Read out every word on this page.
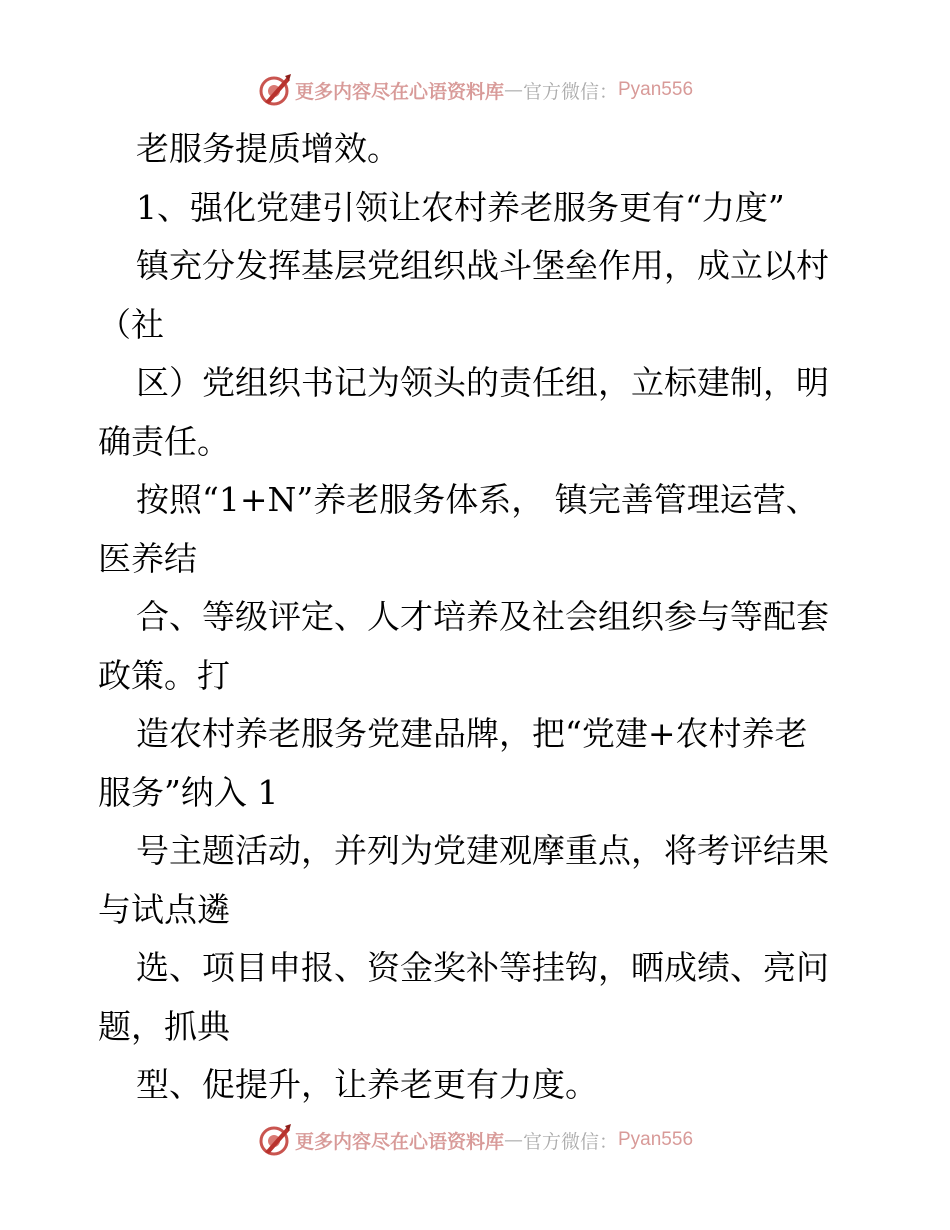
更多内容尽在心语资料库 — 官方微信： Pyan556
老服务提质增效。
1、强化党建引领让农村养老服务更有“力度”
镇充分发挥基层党组织战斗堡垒作用，成立以村
（社
区）党组织书记为领头的责任组，立标建制，明
确责任。
按照“1+N”养老服务体系， 镇完善管理运营、
医养结
合、等级评定、人才培养及社会组织参与等配套
政策。打
造农村养老服务党建品牌，把“党建+农村养老
服务”纳入 1
号主题活动，并列为党建观摩重点，将考评结果
与试点遴
选、项目申报、资金奖补等挂钩，晒成绩、亮问
题，抓典
型、促提升，让养老更有力度。
更多内容尽在心语资料库 — 官方微信： Pyan556
